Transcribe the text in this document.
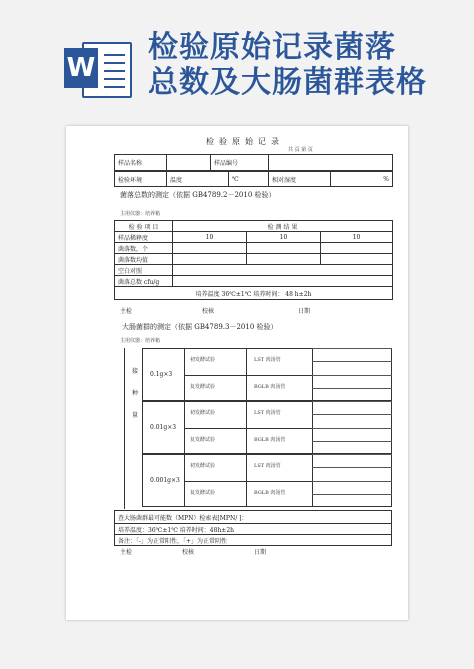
W
检验原始记录菌落
总数及大肠菌群表格
检验原始记录
共 页 第 页
样品名称		样品编号	
检验环境	温度	℃	相对湿度	%
菌落总数的测定（依据 GB4789.2－2010 检验）
主用仪器：培养箱
检 验 项 目	检 测 结 果		
样品稀释度	10	10	10
菌落数，个			
菌落数均值			
空白对照			
菌落总数 cfu/g			
培养温度 36℃±1℃ 培养时间： 48 h±2h			
主检	校核	日期
大肠菌群的测定（依据 GB4789.3－2010 检验）
主用仪器：培养箱
接
种
量
0.1g×3
初发酵试验	LST 肉汤管
复发酵试验	BGLB 肉汤管
0.01g×3
初发酵试验	LST 肉汤管
复发酵试验	BGLB 肉汤管
0.001g×3
初发酵试验	LST 肉汤管
复发酵试验	BGLB 肉汤管
查大肠菌群最可能数（MPN）检索表[MPN/ ]：
培养温度：36℃±1℃ 培养时间：48h±2h
备注：「-」为正常阳性，「+」为正常阴性
主检	校核	日期
